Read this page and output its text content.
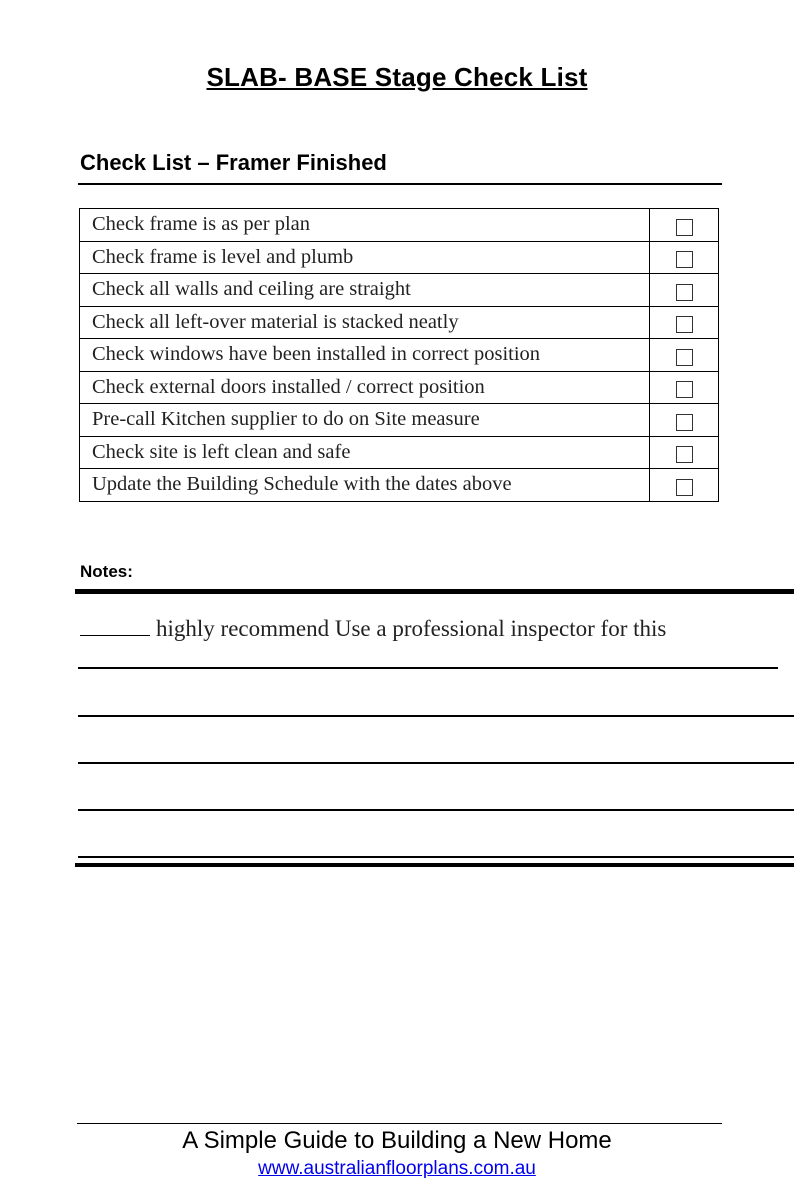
SLAB- BASE Stage Check List
Check List – Framer Finished
Check frame is as per plan	
Check frame is level and plumb	
Check all walls and ceiling are straight	
Check all left-over material is stacked neatly	
Check windows have been installed in correct position	
Check external doors installed / correct position	
Pre-call Kitchen supplier to do on Site measure	
Check site is left clean and safe	
Update the Building Schedule with the dates above	
Notes:
highly recommend Use a professional inspector for this
A Simple Guide to Building a New Home
www.australianfloorplans.com.au
